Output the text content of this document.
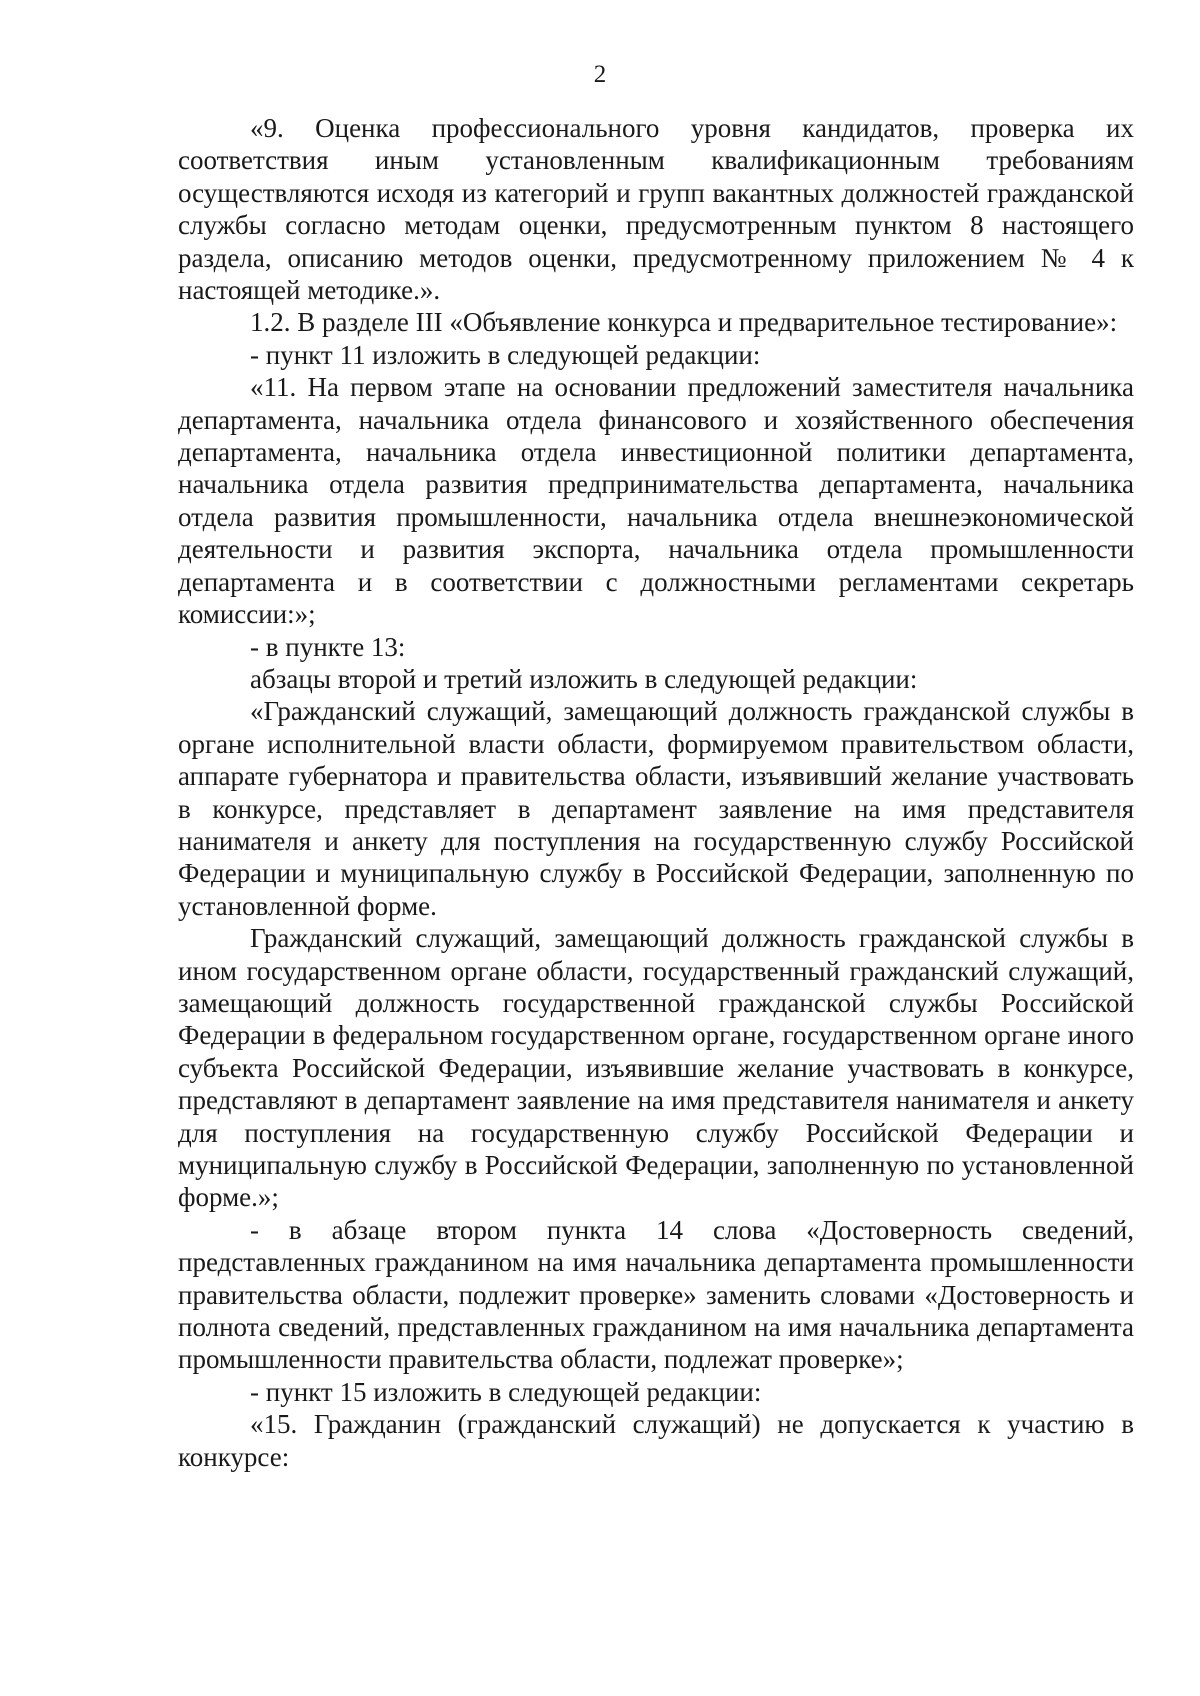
2

«9. Оценка профессионального уровня кандидатов, проверка их соответствия иным установленным квалификационным требованиям осуществляются исходя из категорий и групп вакантных должностей гражданской службы согласно методам оценки, предусмотренным пунктом 8 настоящего раздела, описанию методов оценки, предусмотренному приложением № 4 к настоящей методике.».

1.2. В разделе III «Объявление конкурса и предварительное тестирование»:

- пункт 11 изложить в следующей редакции:

«11. На первом этапе на основании предложений заместителя начальника департамента, начальника отдела финансового и хозяйственного обеспечения департамента, начальника отдела инвестиционной политики департамента, начальника отдела развития предпринимательства департамента, начальника отдела развития промышленности, начальника отдела внешнеэкономической деятельности и развития экспорта, начальника отдела промышленности департамента и в соответствии с должностными регламентами секретарь комиссии:»;

- в пункте 13:

абзацы второй и третий изложить в следующей редакции:

«Гражданский служащий, замещающий должность гражданской службы в органе исполнительной власти области, формируемом правительством области, аппарате губернатора и правительства области, изъявивший желание участвовать в конкурсе, представляет в департамент заявление на имя представителя нанимателя и анкету для поступления на государственную службу Российской Федерации и муниципальную службу в Российской Федерации, заполненную по установленной форме.

Гражданский служащий, замещающий должность гражданской службы в ином государственном органе области, государственный гражданский служащий, замещающий должность государственной гражданской службы Российской Федерации в федеральном государственном органе, государственном органе иного субъекта Российской Федерации, изъявившие желание участвовать в конкурсе, представляют в департамент заявление на имя представителя нанимателя и анкету для поступления на государственную службу Российской Федерации и муниципальную службу в Российской Федерации, заполненную по установленной форме.»;

- в абзаце втором пункта 14 слова «Достоверность сведений, представленных гражданином на имя начальника департамента промышленности правительства области, подлежит проверке» заменить словами «Достоверность и полнота сведений, представленных гражданином на имя начальника департамента промышленности правительства области, подлежат проверке»;

- пункт 15 изложить в следующей редакции:

«15. Гражданин (гражданский служащий) не допускается к участию в конкурсе:
